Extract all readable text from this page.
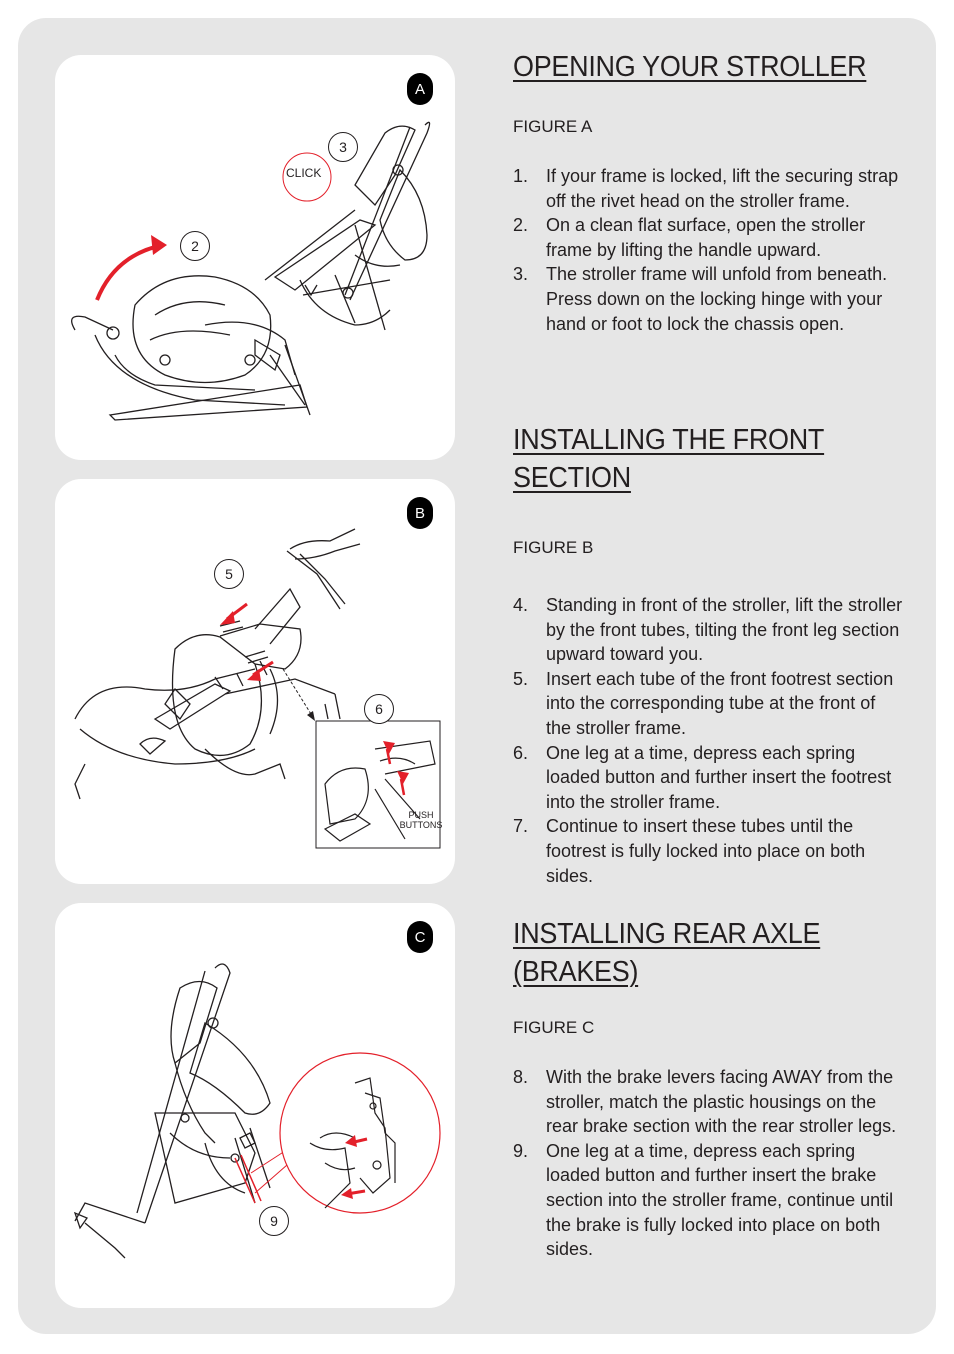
A
2
3
CLICK
B
5
6
PUSH
BUTTONS
C
9
OPENING YOUR STROLLER

FIGURE A

1. If your frame is locked, lift the securing strap off the rivet head on the stroller frame.
2. On a clean flat surface, open the stroller frame by lifting the handle upward.
3. The stroller frame will unfold from beneath. Press down on the locking hinge with your hand or foot to lock the chassis open.
INSTALLING THE FRONT
SECTION

FIGURE B

4. Standing in front of the stroller, lift the stroller by the front tubes, tilting the front leg section upward toward you.
5. Insert each tube of the front footrest section into the corresponding tube at the front of the stroller frame.
6. One leg at a time, depress each spring loaded button and further insert the footrest into the stroller frame.
7. Continue to insert these tubes until the footrest is fully locked into place on both sides.
INSTALLING REAR AXLE
(BRAKES)

FIGURE C

8. With the brake levers facing AWAY from the stroller, match the plastic housings on the rear brake section with the rear stroller legs.
9. One leg at a time, depress each spring loaded button and further insert the brake section into the stroller frame, continue until the brake is fully locked into place on both sides.
